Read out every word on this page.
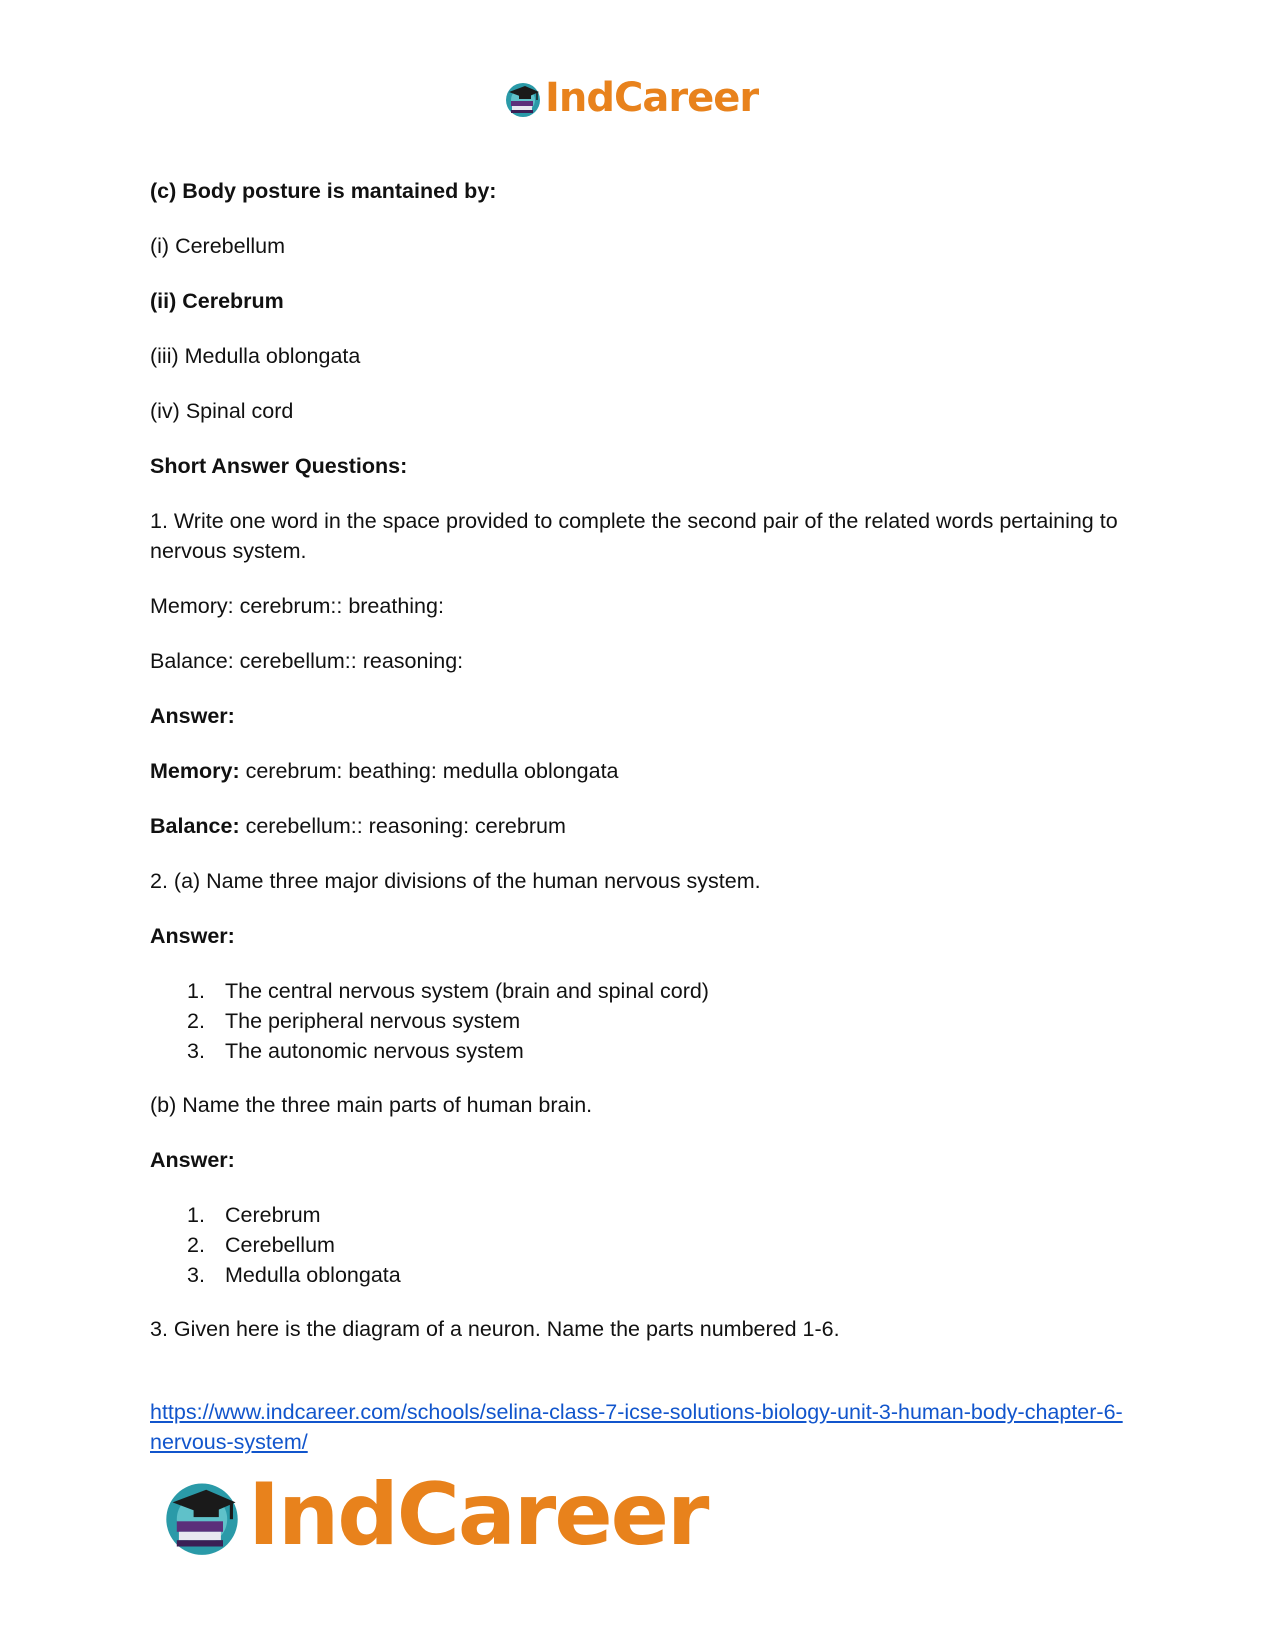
IndCareer
(c) Body posture is mantained by:
(i) Cerebellum
(ii) Cerebrum
(iii) Medulla oblongata
(iv) Spinal cord
Short Answer Questions:
1. Write one word in the space provided to complete the second pair of the related words pertaining to nervous system.
Memory: cerebrum:: breathing:
Balance: cerebellum:: reasoning:
Answer:
Memory: cerebrum: beathing: medulla oblongata
Balance: cerebellum:: reasoning: cerebrum
2. (a) Name three major divisions of the human nervous system.
Answer:
1. The central nervous system (brain and spinal cord)
2. The peripheral nervous system
3. The autonomic nervous system
(b) Name the three main parts of human brain.
Answer:
1. Cerebrum
2. Cerebellum
3. Medulla oblongata
3. Given here is the diagram of a neuron. Name the parts numbered 1-6.
https://www.indcareer.com/schools/selina-class-7-icse-solutions-biology-unit-3-human-body-chapter-6-nervous-system/
IndCareer
